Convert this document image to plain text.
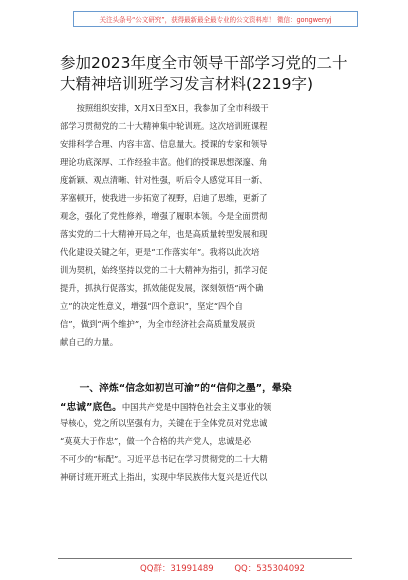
关注头条号“公文研究”，获得最新最全最专业的公文资料库！ 微信：gongwenyj
参加2023年度全市领导干部学习党的二十
大精神培训班学习发言材料(2219字)
　　按照组织安排，X月X日至X日，我参加了全市科级干
部学习贯彻党的二十大精神集中轮训班。这次培训班课程
安排科学合理、内容丰富、信息量大。授课的专家和领导
理论功底深厚、工作经验丰富。他们的授课思想深邃、角
度新颖、观点清晰、针对性强，听后令人感觉耳目一新、
茅塞顿开，使我进一步拓宽了视野，启迪了思维，更新了
观念，强化了党性修养，增强了履职本领。今是全面贯彻
落实党的二十大精神开局之年，也是高质量转型发展和现
代化建设关键之年，更是“工作落实年”。我将以此次培
训为契机，始终坚持以党的二十大精神为指引，抓学习促
提升，抓执行促落实，抓效能促发展，深刻领悟“两个确
立”的决定性意义，增强“四个意识”，坚定“四个自
信”，做到“两个维护”，为全市经济社会高质量发展贡
献自己的力量。
　　一、淬炼“信念如初岂可渝”的“信仰之墨”，晕染
“忠诚”底色。中国共产党是中国特色社会主义事业的领
导核心，党之所以坚强有力，关键在于全体党员对党忠诚
“莫莫大于作忠”，做一个合格的共产党人，忠诚是必
不可少的“标配”。习近平总书记在学习贯彻党的二十大精
神研讨班开班式上指出，实现中华民族伟大复兴是近代以
QQ群：31991489 QQ：535304092
